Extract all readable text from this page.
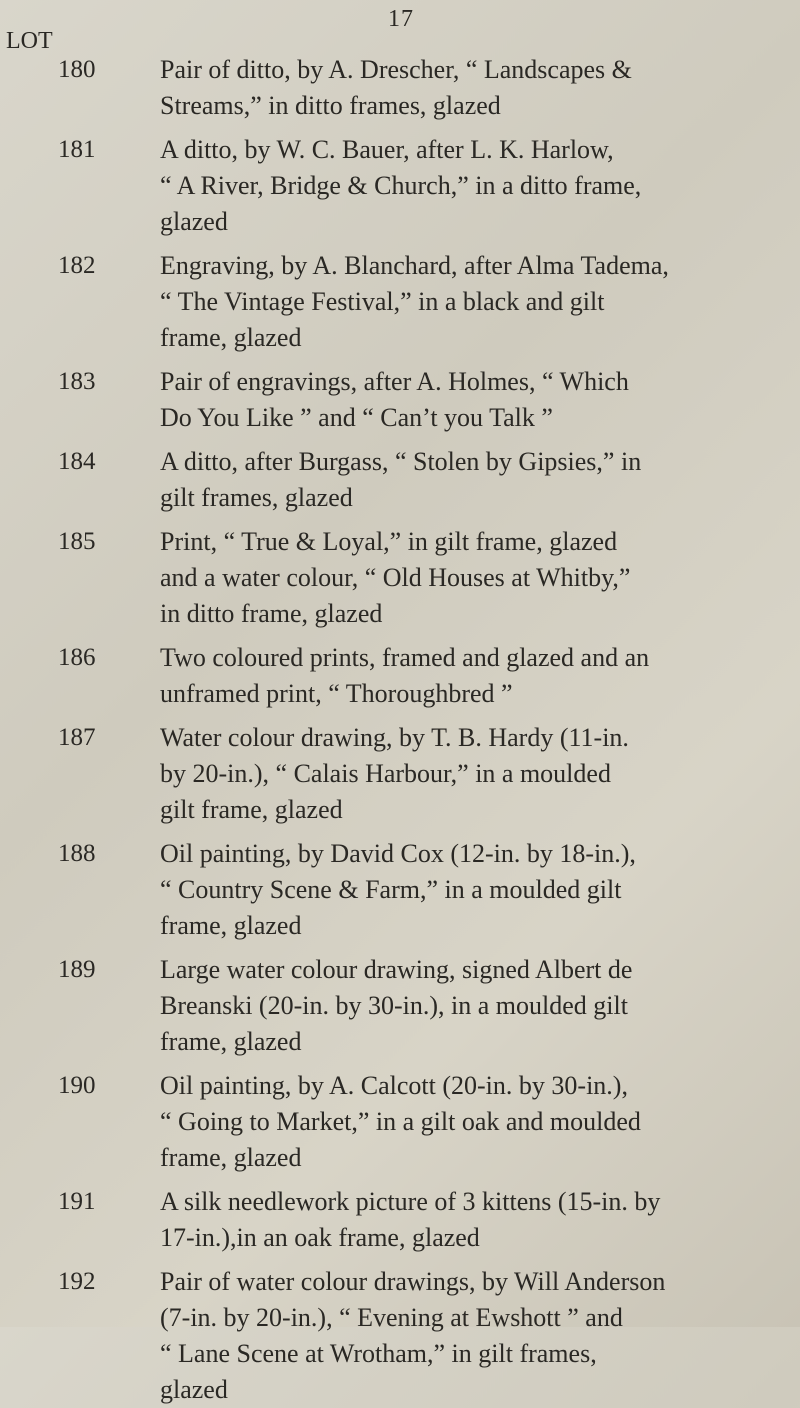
17
LOT
180	Pair of ditto, by A. Drescher, “ Landscapes &
Streams,” in ditto frames, glazed
181	A ditto, by W. C. Bauer, after L. K. Harlow,
“ A River, Bridge & Church,” in a ditto frame,
glazed
182	Engraving, by A. Blanchard, after Alma Tadema,
“ The Vintage Festival,” in a black and gilt
frame, glazed
183	Pair of engravings, after A. Holmes, “ Which
Do You Like ” and “ Can’t you Talk ”
184	A ditto, after Burgass, “ Stolen by Gipsies,” in
gilt frames, glazed
185	Print, “ True & Loyal,” in gilt frame, glazed
and a water colour, “ Old Houses at Whitby,”
in ditto frame, glazed
186	Two coloured prints, framed and glazed and an
unframed print, “ Thoroughbred ”
187	Water colour drawing, by T. B. Hardy (11-in.
by 20-in.), “ Calais Harbour,” in a moulded
gilt frame, glazed
188	Oil painting, by David Cox (12-in. by 18-in.),
“ Country Scene & Farm,” in a moulded gilt
frame, glazed
189	Large water colour drawing, signed Albert de
Breanski (20-in. by 30-in.), in a moulded gilt
frame, glazed
190	Oil painting, by A. Calcott (20-in. by 30-in.),
“ Going to Market,” in a gilt oak and moulded
frame, glazed
191	A silk needlework picture of 3 kittens (15-in. by
17-in.),in an oak frame, glazed
192	Pair of water colour drawings, by Will Anderson
(7-in. by 20-in.), “ Evening at Ewshott ” and
“ Lane Scene at Wrotham,” in gilt frames,
glazed
